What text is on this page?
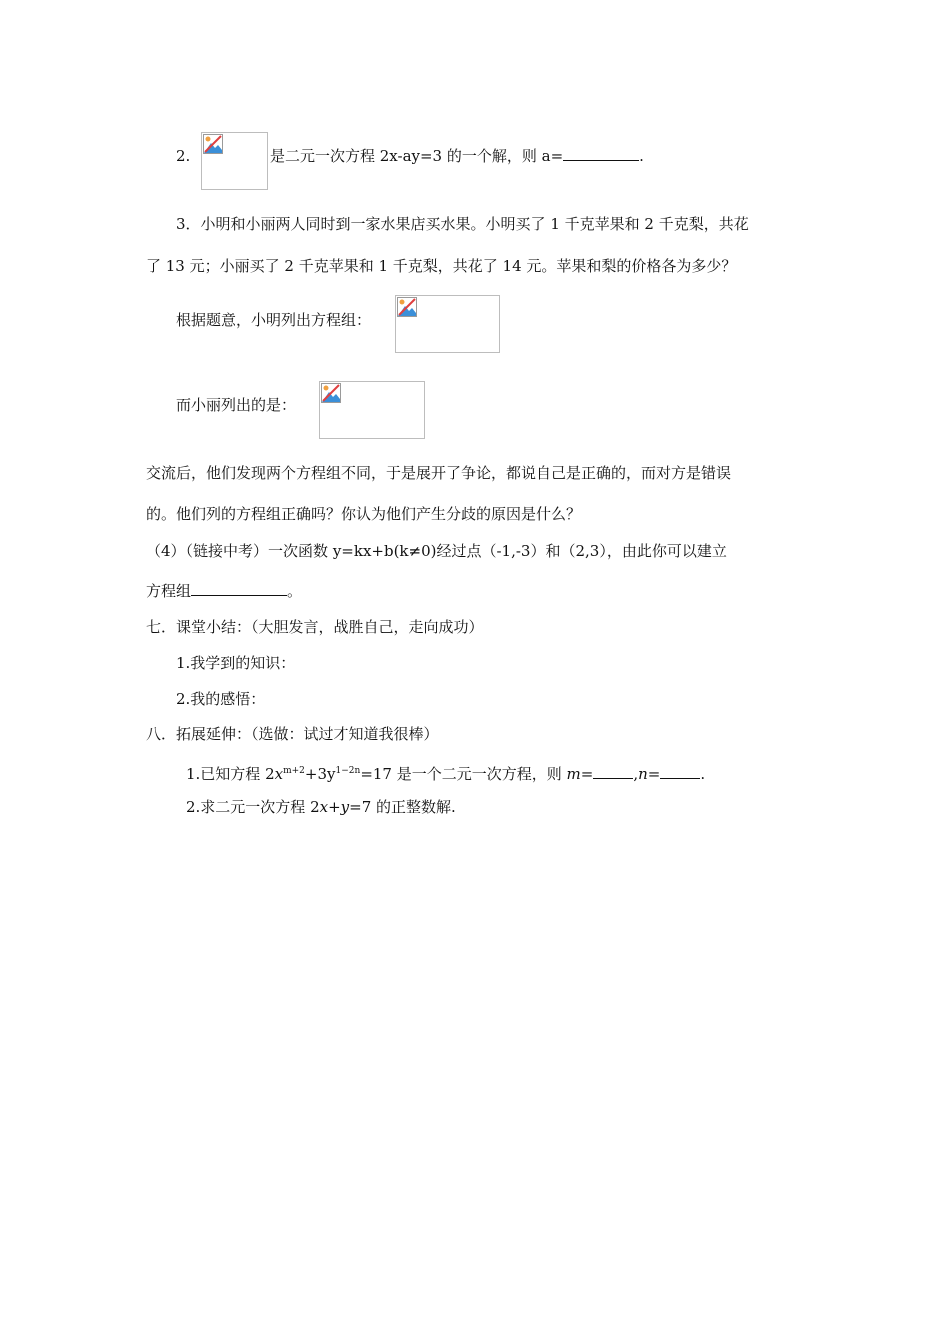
2.	是二元一次方程 2x-ay=3 的一个解，则 a=	.
3．小明和小丽两人同时到一家水果店买水果。小明买了 1 千克苹果和 2 千克梨，共花
了 13 元；小丽买了 2 千克苹果和 1 千克梨，共花了 14 元。苹果和梨的价格各为多少？
根据题意，小明列出方程组：
而小丽列出的是：
交流后，他们发现两个方程组不同，于是展开了争论，都说自己是正确的，而对方是错误
的。他们列的方程组正确吗？你认为他们产生分歧的原因是什么？
（4）（链接中考）一次函数 y=kx+b(k≠0)经过点（-1,-3）和（2,3），由此你可以建立
方程组	。
七．课堂小结：（大胆发言，战胜自己，走向成功）
1.我学到的知识：
2.我的感悟：
八．拓展延伸：（选做：试过才知道我很棒）
1.已知方程 $2x^{m+2}+3y^{1-2n}=17$ 是一个二元一次方程，则 m=	,n=	.
2.求二元一次方程 2x+y=7 的正整数解.
